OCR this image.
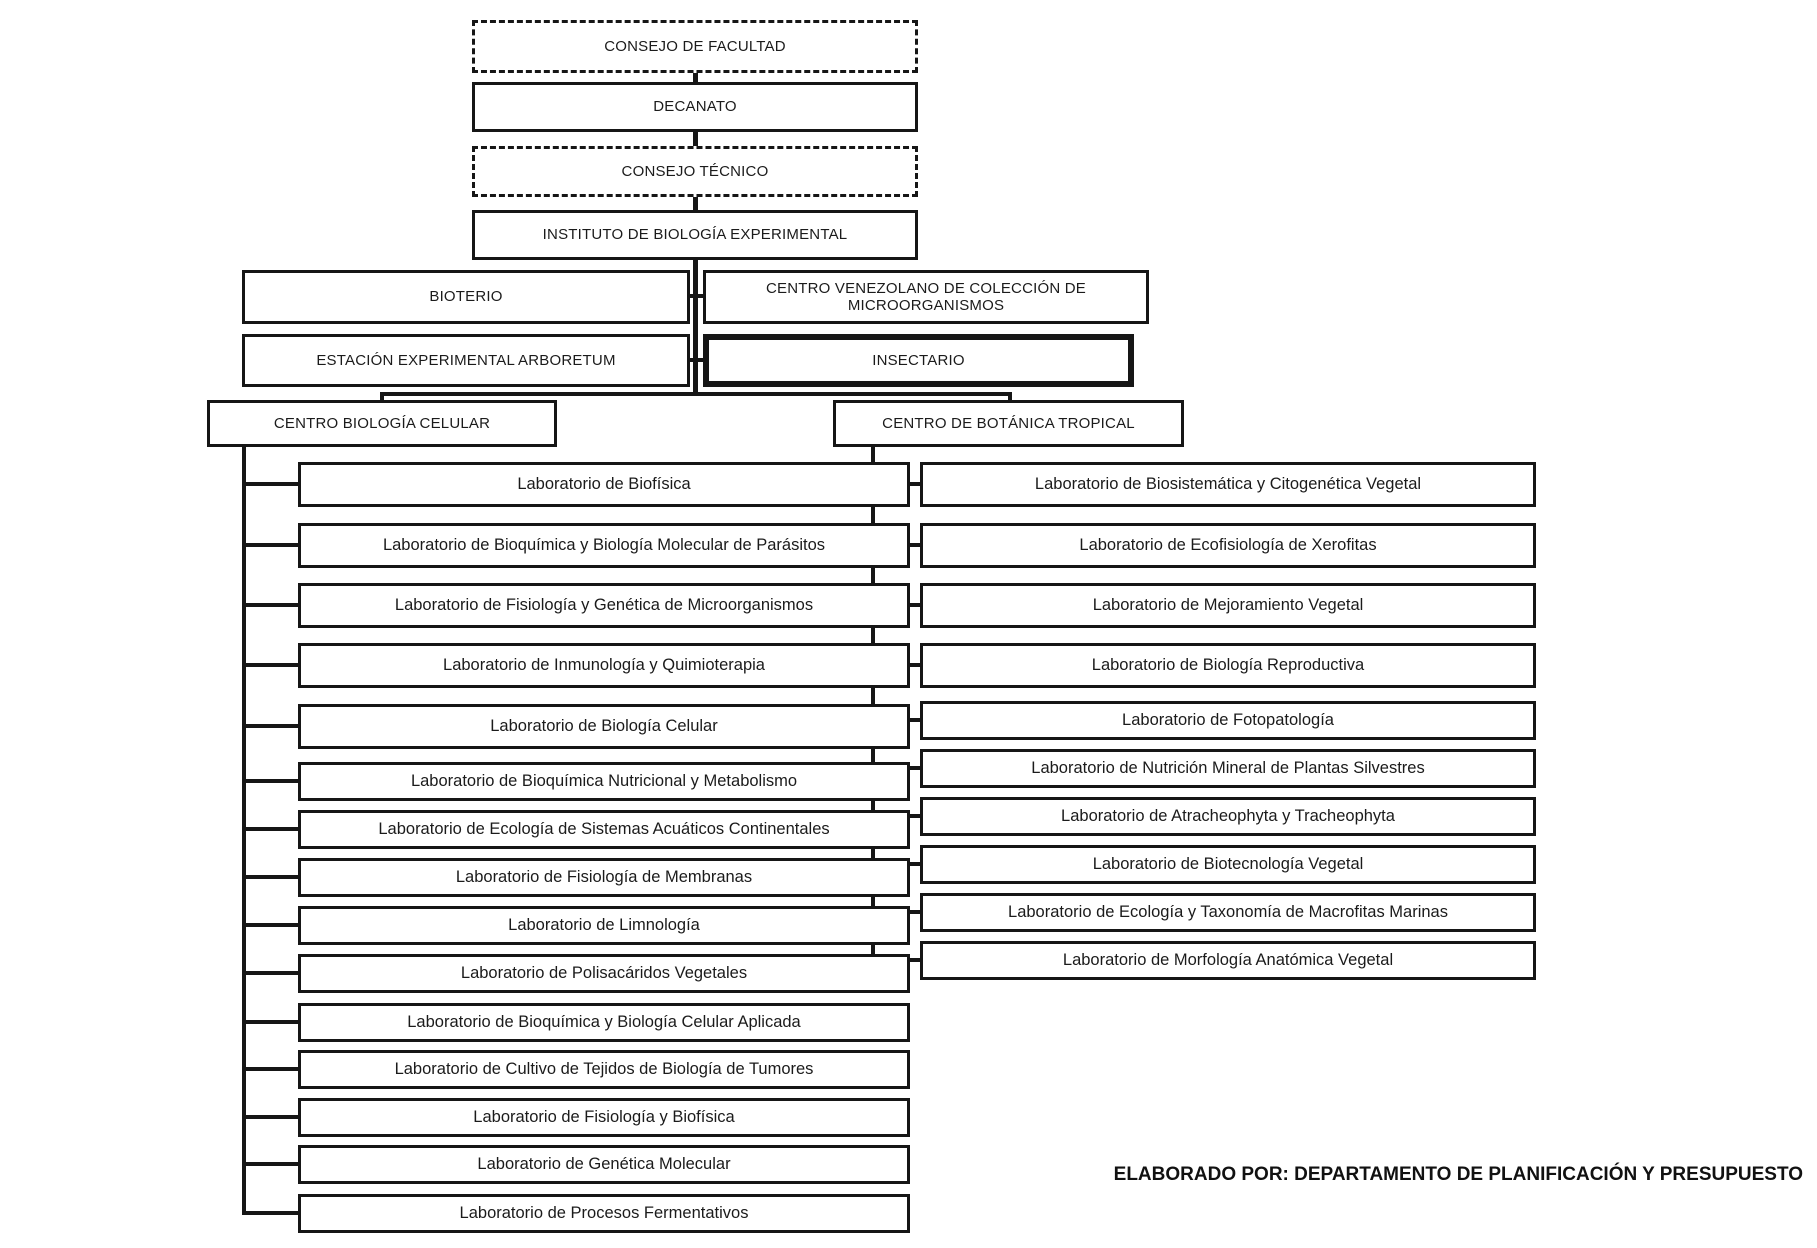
CONSEJO DE FACULTAD
DECANATO
CONSEJO TÉCNICO
INSTITUTO DE BIOLOGÍA EXPERIMENTAL
BIOTERIO
CENTRO VENEZOLANO DE COLECCIÓN DE MICROORGANISMOS
ESTACIÓN EXPERIMENTAL ARBORETUM	INSECTARIO
CENTRO BIOLOGÍA CELULAR	CENTRO DE BOTÁNICA TROPICAL
Laboratorio de Biofísica
Laboratorio de Bioquímica y Biología Molecular de Parásitos
Laboratorio de Fisiología y Genética de Microorganismos
Laboratorio de Inmunología y Quimioterapia
Laboratorio de Biología Celular
Laboratorio de Bioquímica Nutricional y Metabolismo
Laboratorio de Ecología de Sistemas Acuáticos Continentales
Laboratorio de Fisiología de Membranas
Laboratorio de Limnología
Laboratorio de Polisacáridos Vegetales
Laboratorio de Bioquímica y Biología Celular Aplicada
Laboratorio de Cultivo de Tejidos de Biología de Tumores
Laboratorio de Fisiología y Biofísica
Laboratorio de Genética Molecular
Laboratorio de Procesos Fermentativos
Laboratorio de Biosistemática y Citogenética Vegetal
Laboratorio de Ecofisiología de Xerofitas
Laboratorio de Mejoramiento Vegetal
Laboratorio de Biología Reproductiva
Laboratorio de Fotopatología
Laboratorio de Nutrición Mineral de Plantas Silvestres
Laboratorio de Atracheophyta y Tracheophyta
Laboratorio de Biotecnología Vegetal
Laboratorio de Ecología y Taxonomía de Macrofitas Marinas
Laboratorio de Morfología Anatómica Vegetal
ELABORADO POR: DEPARTAMENTO DE PLANIFICACIÓN Y PRESUPUESTO
